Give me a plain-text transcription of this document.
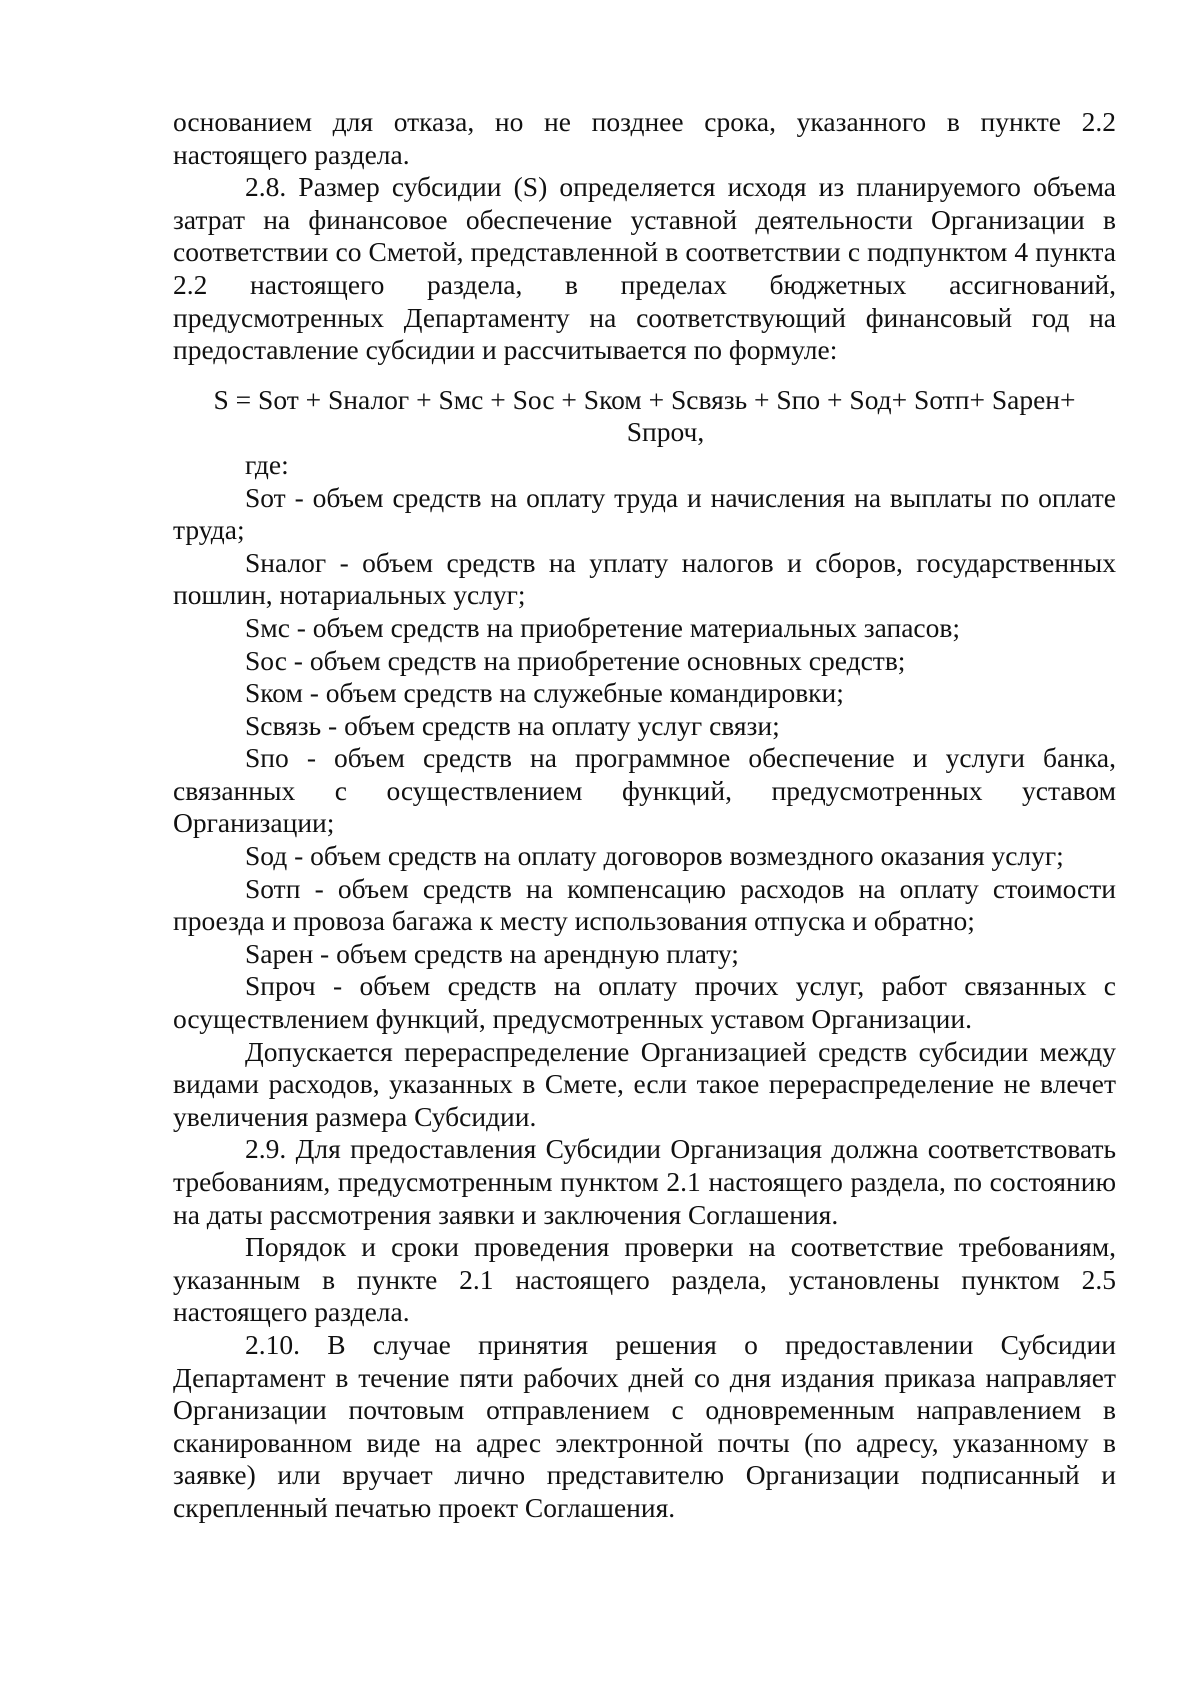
основанием для отказа, но не позднее срока, указанного в пункте 2.2 настоящего раздела.

2.8. Размер субсидии (S) определяется исходя из планируемого объема затрат на финансовое обеспечение уставной деятельности Организации в соответствии со Сметой, представленной в соответствии с подпунктом 4 пункта 2.2 настоящего раздела, в пределах бюджетных ассигнований, предусмотренных Департаменту на соответствующий финансовый год на предоставление субсидии и рассчитывается по формуле:

S = Sот + Sналог + Sмс + Sос + Sком + Sсвязь + Sпо + Sод+ Sотп+ Sарен+
Sпроч,

где:

Sот - объем средств на оплату труда и начисления на выплаты по оплате труда;

Sналог - объем средств на уплату налогов и сборов, государственных пошлин, нотариальных услуг;

Sмс - объем средств на приобретение материальных запасов;

Sос - объем средств на приобретение основных средств;

Sком - объем средств на служебные командировки;

Sсвязь - объем средств на оплату услуг связи;

Sпо - объем средств на программное обеспечение и услуги банка, связанных с осуществлением функций, предусмотренных уставом Организации;

Sод - объем средств на оплату договоров возмездного оказания услуг;

Sотп - объем средств на компенсацию расходов на оплату стоимости проезда и провоза багажа к месту использования отпуска и обратно;

Sарен - объем средств на арендную плату;

Sпроч - объем средств на оплату прочих услуг, работ связанных с осуществлением функций, предусмотренных уставом Организации.

Допускается перераспределение Организацией средств субсидии между видами расходов, указанных в Смете, если такое перераспределение не влечет увеличения размера Субсидии.

2.9. Для предоставления Субсидии Организация должна соответствовать требованиям, предусмотренным пунктом 2.1 настоящего раздела, по состоянию на даты рассмотрения заявки и заключения Соглашения.

Порядок и сроки проведения проверки на соответствие требованиям, указанным в пункте 2.1 настоящего раздела, установлены пунктом 2.5 настоящего раздела.

2.10. В случае принятия решения о предоставлении Субсидии Департамент в течение пяти рабочих дней со дня издания приказа направляет Организации почтовым отправлением с одновременным направлением в сканированном виде на адрес электронной почты (по адресу, указанному в заявке) или вручает лично представителю Организации подписанный и скрепленный печатью проект Соглашения.
